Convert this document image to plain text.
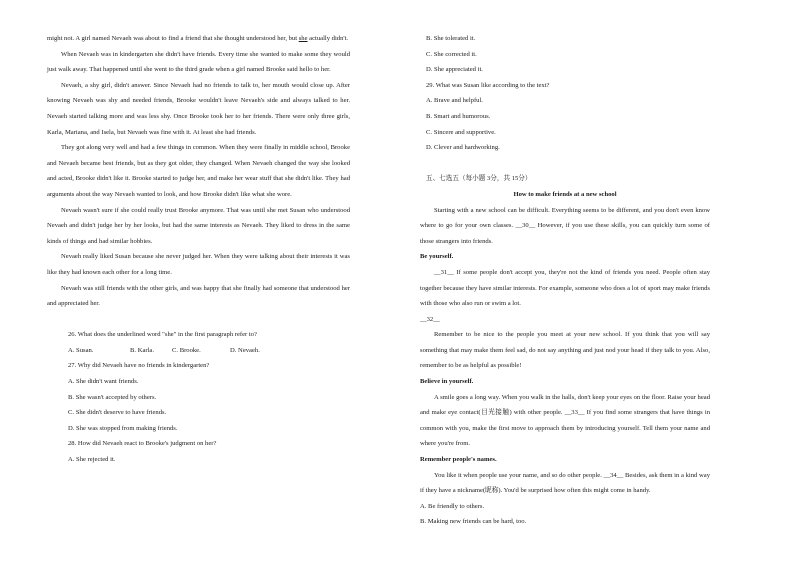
might not. A girl named Nevaeh was about to find a friend that she thought understood her, but she actually didn't.

When Nevaeh was in kindergarten she didn't have friends. Every time she wanted to make some they would just walk away. That happened until she went to the third grade when a girl named Brooke said hello to her.

Nevaeh, a shy girl, didn't answer. Since Nevaeh had no friends to talk to, her mouth would close up. After knowing Nevaeh was shy and needed friends, Brooke wouldn't leave Nevaeh's side and always talked to her. Nevaeh started talking more and was less shy. Once Brooke took her to her friends. There were only three girls, Karla, Mariana, and Isela, but Nevaeh was fine with it. At least she had friends.

They got along very well and had a few things in common. When they were finally in middle school, Brooke and Nevaeh became best friends, but as they got older, they changed. When Nevaeh changed the way she looked and acted, Brooke didn't like it. Brooke started to judge her, and make her wear stuff that she didn't like. They had arguments about the way Nevaeh wanted to look, and how Brooke didn't like what she wore.

Nevaeh wasn't sure if she could really trust Brooke anymore. That was until she met Susan who understood Nevaeh and didn't judge her by her looks, but had the same interests as Nevaeh. They liked to dress in the same kinds of things and had similar hobbies.

Nevaeh really liked Susan because she never judged her. When they were talking about their interests it was like they had known each other for a long time.

Nevaeh was still friends with the other girls, and was happy that she finally had someone that understood her and appreciated her.

26. What does the underlined word "she" in the first paragraph refer to?

A. Susan.	B. Karla.	C. Brooke.	D. Nevaeh.

27. Why did Nevaeh have no friends in kindergarten?

A. She didn't want friends.

B. She wasn't accepted by others.

C. She didn't deserve to have friends.

D. She was stopped from making friends.

28. How did Nevaeh react to Brooke's judgment on her?

A. She rejected it.

B. She tolerated it.

C. She corrected it.

D. She appreciated it.

29. What was Susan like according to the text?

A. Brave and helpful.

B. Smart and humorous.

C. Sincere and supportive.

D. Clever and hardworking.

五、七选五（每小题 3分，共 15分）

How to make friends at a new school

Starting with a new school can be difficult. Everything seems to be different, and you don't even know where to go for your own classes. __30__ However, if you use these skills, you can quickly turn some of those strangers into friends.

Be yourself.

__31__ If some people don't accept you, they're not the kind of friends you need. People often stay together because they have similar interests. For example, someone who does a lot of sport may make friends with those who also run or swim a lot.

__32__

Remember to be nice to the people you meet at your new school. If you think that you will say something that may make them feel sad, do not say anything and just nod your head if they talk to you. Also, remember to be as helpful as possible!

Believe in yourself.

A smile goes a long way. When you walk in the halls, don't keep your eyes on the floor. Raise your head and make eye contact(目光接触) with other people. __33__ If you find some strangers that have things in common with you, make the first move to approach them by introducing yourself. Tell them your name and where you're from.

Remember people's names.

You like it when people use your name, and so do other people. __34__ Besides, ask them in a kind way if they have a nickname(昵称). You'd be surprised how often this might come in handy.

A. Be friendly to others.

B. Making new friends can be hard, too.
